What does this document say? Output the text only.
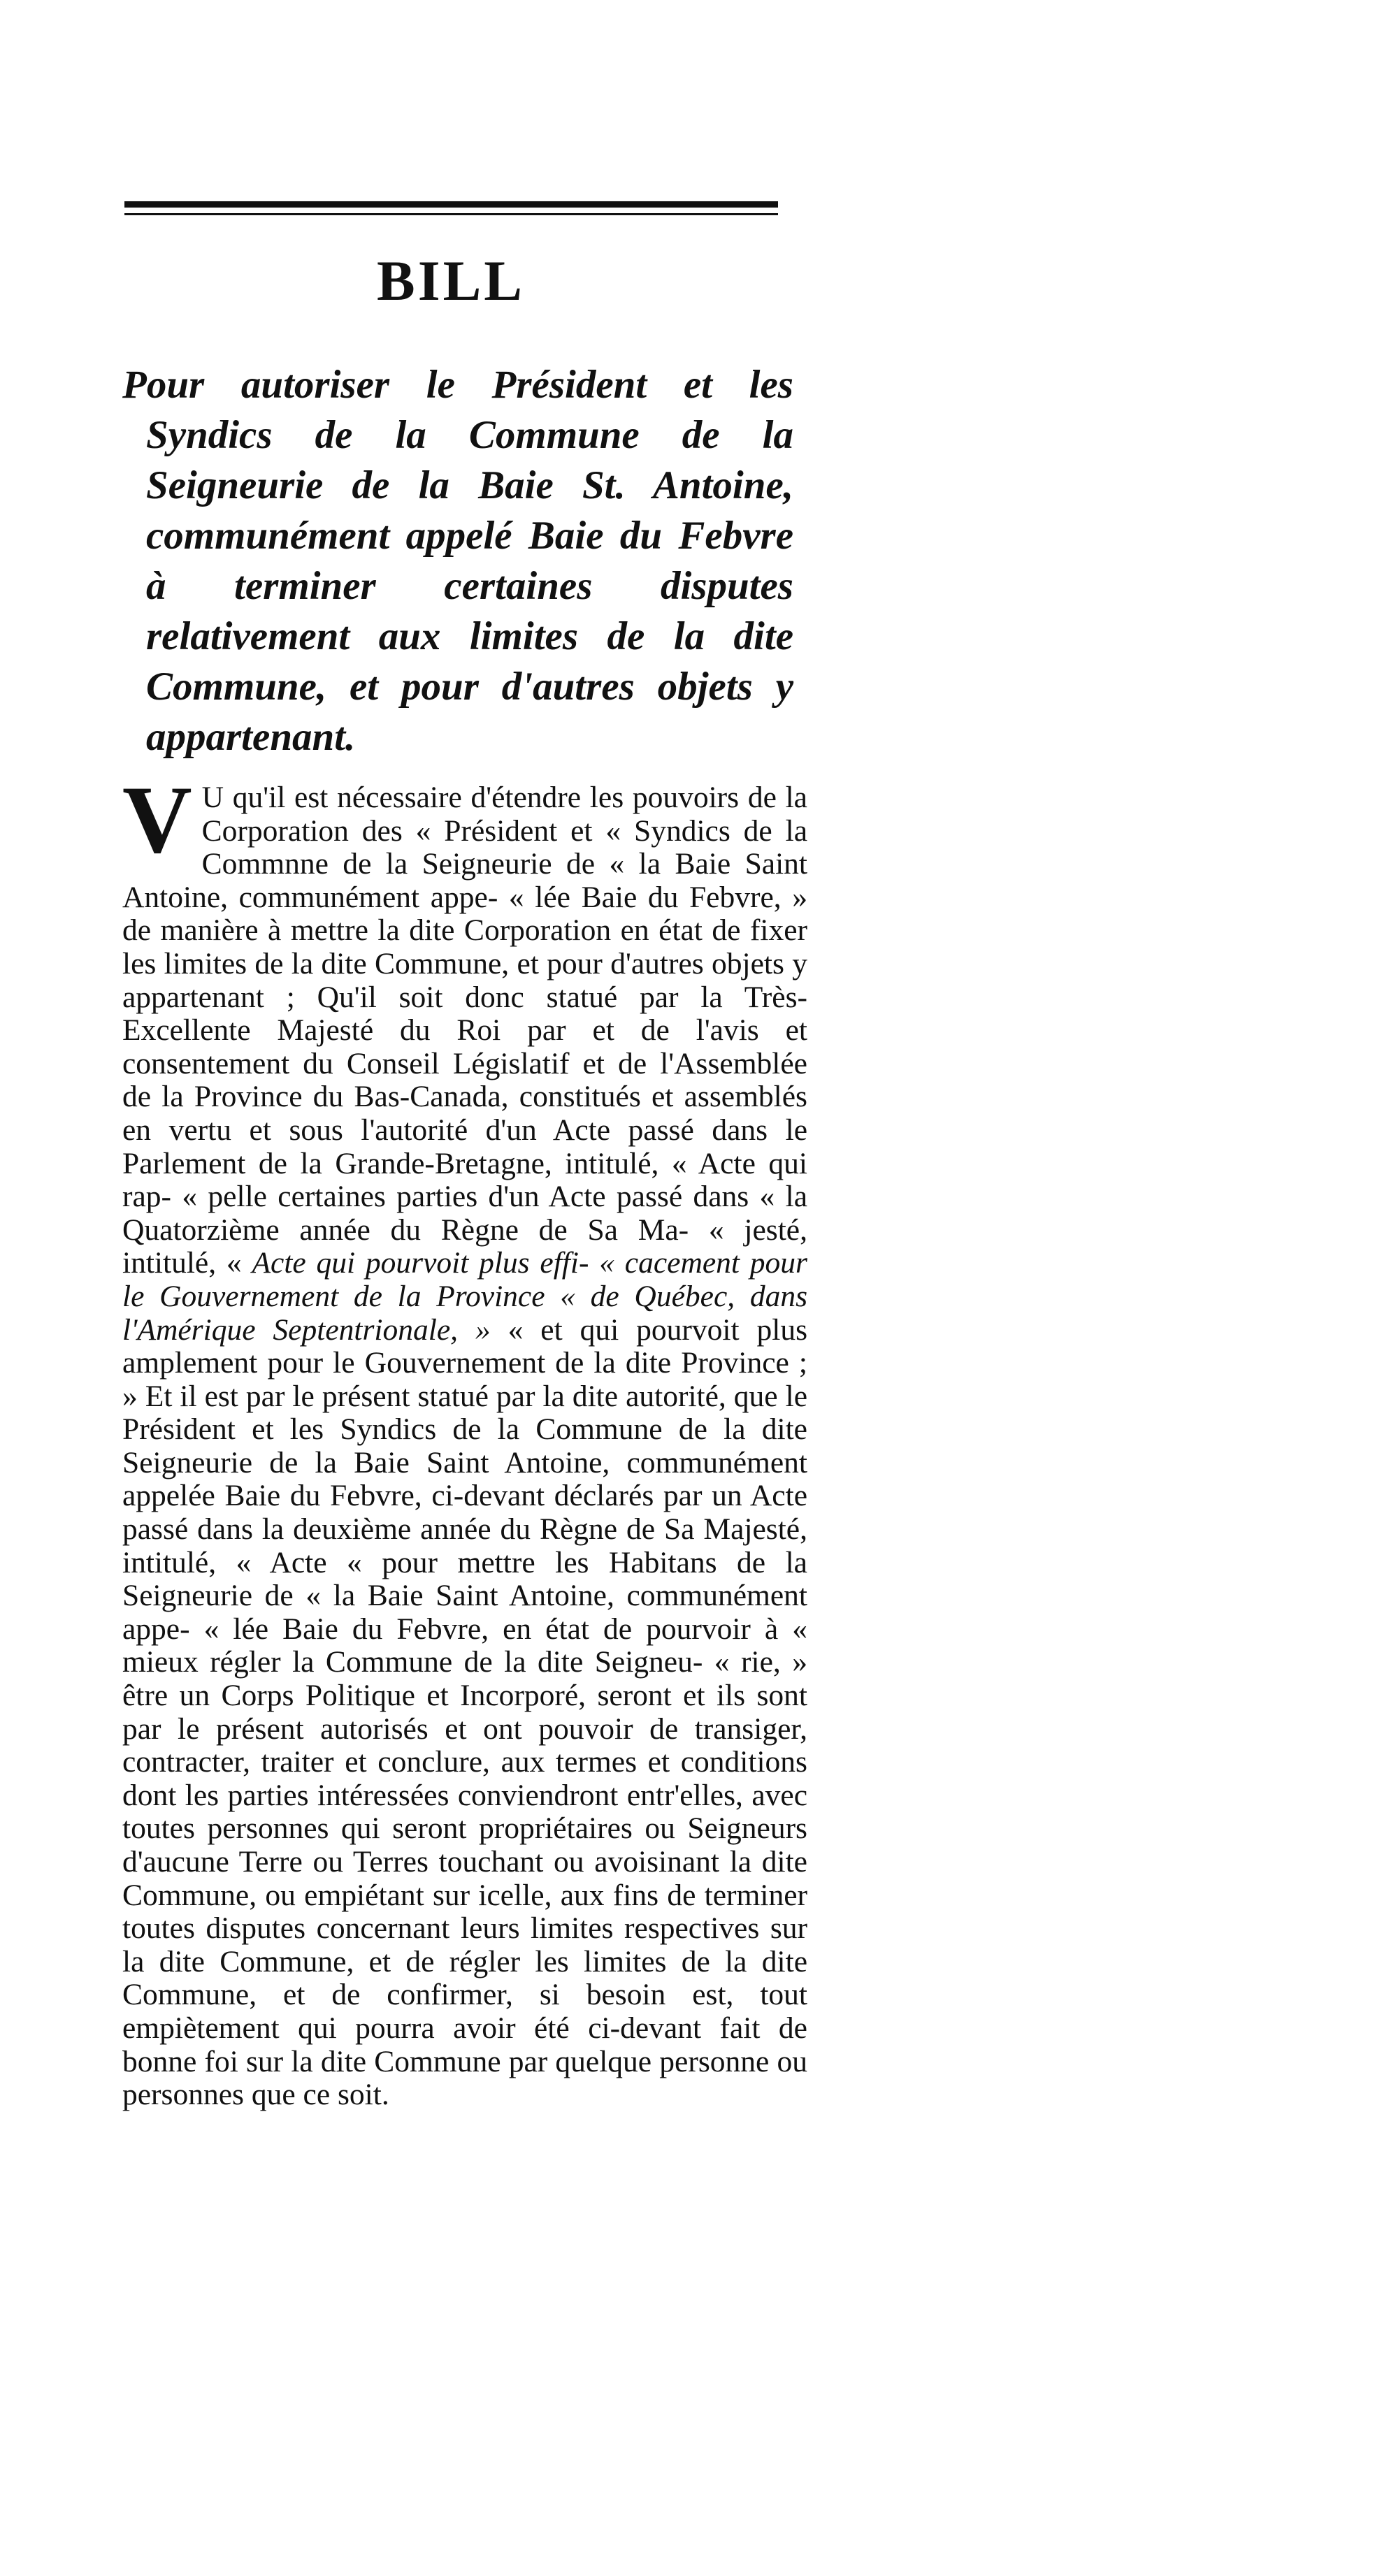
BILL

Pour autoriser le Président et les Syndics de la Commune de la Seigneurie de la Baie St. Antoine, communément appelé Baie du Febvre à terminer certaines disputes relativement aux limites de la dite Commune, et pour d'autres objets y appartenant.

V U qu'il est nécessaire d'étendre les pouvoirs de la Corporation des « Président et « Syndics de la Commnne de la Seigneurie de « la Baie Saint Antoine, communément appe- « lée Baie du Febvre, » de manière à mettre la dite Corporation en état de fixer les limites de la dite Commune, et pour d'autres objets y appartenant ; Qu'il soit donc statué par la Très-Excellente Majesté du Roi par et de l'avis et consentement du Conseil Législatif et de l'Assemblée de la Province du Bas-Canada, constitués et assemblés en vertu et sous l'autorité d'un Acte passé dans le Parlement de la Grande-Bretagne, intitulé, « Acte qui rap- « pelle certaines parties d'un Acte passé dans « la Quatorzième année du Règne de Sa Ma- « jesté, intitulé, « Acte qui pourvoit plus effi- « cacement pour le Gouvernement de la Province « de Québec, dans l'Amérique Septentrionale, » « et qui pourvoit plus amplement pour le Gouvernement de la dite Province ; » Et il est par le présent statué par la dite autorité, que le Président et les Syndics de la Commune de la dite Seigneurie de la Baie Saint Antoine, communément appelée Baie du Febvre, ci-devant déclarés par un Acte passé dans la deuxième année du Règne de Sa Majesté, intitulé, « Acte « pour mettre les Habitans de la Seigneurie de « la Baie Saint Antoine, communément appe- « lée Baie du Febvre, en état de pourvoir à « mieux régler la Commune de la dite Seigneu- « rie, » être un Corps Politique et Incorporé, seront et ils sont par le présent autorisés et ont pouvoir de transiger, contracter, traiter et conclure, aux termes et conditions dont les parties intéressées conviendront entr'elles, avec toutes personnes qui seront propriétaires ou Seigneurs d'aucune Terre ou Terres touchant ou avoisinant la dite Commune, ou empiétant sur icelle, aux fins de terminer toutes disputes concernant leurs limites respectives sur la dite Commune, et de régler les limites de la dite Commune, et de confirmer, si besoin est, tout empiètement qui pourra avoir été ci-devant fait de bonne foi sur la dite Commune par quelque personne ou personnes que ce soit.
